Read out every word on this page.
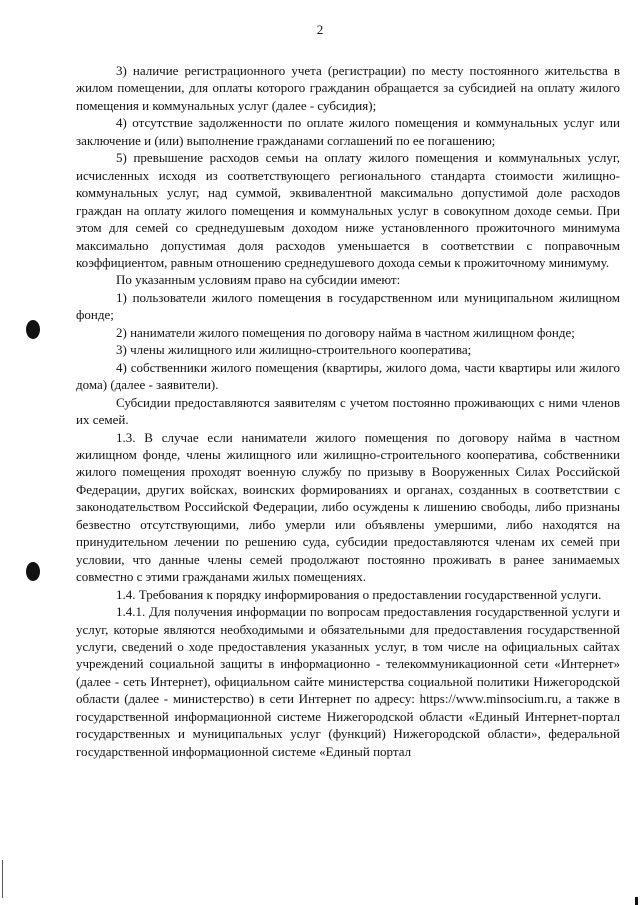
2

3) наличие регистрационного учета (регистрации) по месту постоянного жительства в жилом помещении, для оплаты которого гражданин обращается за субсидией на оплату жилого помещения и коммунальных услуг (далее - субсидия);

4) отсутствие задолженности по оплате жилого помещения и коммунальных услуг или заключение и (или) выполнение гражданами соглашений по ее погашению;

5) превышение расходов семьи на оплату жилого помещения и коммунальных услуг, исчисленных исходя из соответствующего регионального стандарта стоимости жилищно-коммунальных услуг, над суммой, эквивалентной максимально допустимой доле расходов граждан на оплату жилого помещения и коммунальных услуг в совокупном доходе семьи. При этом для семей со среднедушевым доходом ниже установленного прожиточного минимума максимально допустимая доля расходов уменьшается в соответствии с поправочным коэффициентом, равным отношению среднедушевого дохода семьи к прожиточному минимуму.

По указанным условиям право на субсидии имеют:

1) пользователи жилого помещения в государственном или муниципальном жилищном фонде;

2) наниматели жилого помещения по договору найма в частном жилищном фонде;

3) члены жилищного или жилищно-строительного кооператива;

4) собственники жилого помещения (квартиры, жилого дома, части квартиры или жилого дома) (далее - заявители).

Субсидии предоставляются заявителям с учетом постоянно проживающих с ними членов их семей.

1.3. В случае если наниматели жилого помещения по договору найма в частном жилищном фонде, члены жилищного или жилищно-строительного кооператива, собственники жилого помещения проходят военную службу по призыву в Вооруженных Силах Российской Федерации, других войсках, воинских формированиях и органах, созданных в соответствии с законодательством Российской Федерации, либо осуждены к лишению свободы, либо признаны безвестно отсутствующими, либо умерли или объявлены умершими, либо находятся на принудительном лечении по решению суда, субсидии предоставляются членам их семей при условии, что данные члены семей продолжают постоянно проживать в ранее занимаемых совместно с этими гражданами жилых помещениях.

1.4. Требования к порядку информирования о предоставлении государственной услуги.

1.4.1. Для получения информации по вопросам предоставления государственной услуги и услуг, которые являются необходимыми и обязательными для предоставления государственной услуги, сведений о ходе предоставления указанных услуг, в том числе на официальных сайтах учреждений социальной защиты в информационно - телекоммуникационной сети «Интернет» (далее - сеть Интернет), официальном сайте министерства социальной политики Нижегородской области (далее - министерство) в сети Интернет по адресу: https://www.minsocium.ru, а также в государственной информационной системе Нижегородской области «Единый Интернет-портал государственных и муниципальных услуг (функций) Нижегородской области», федеральной государственной информационной системе «Единый портал
